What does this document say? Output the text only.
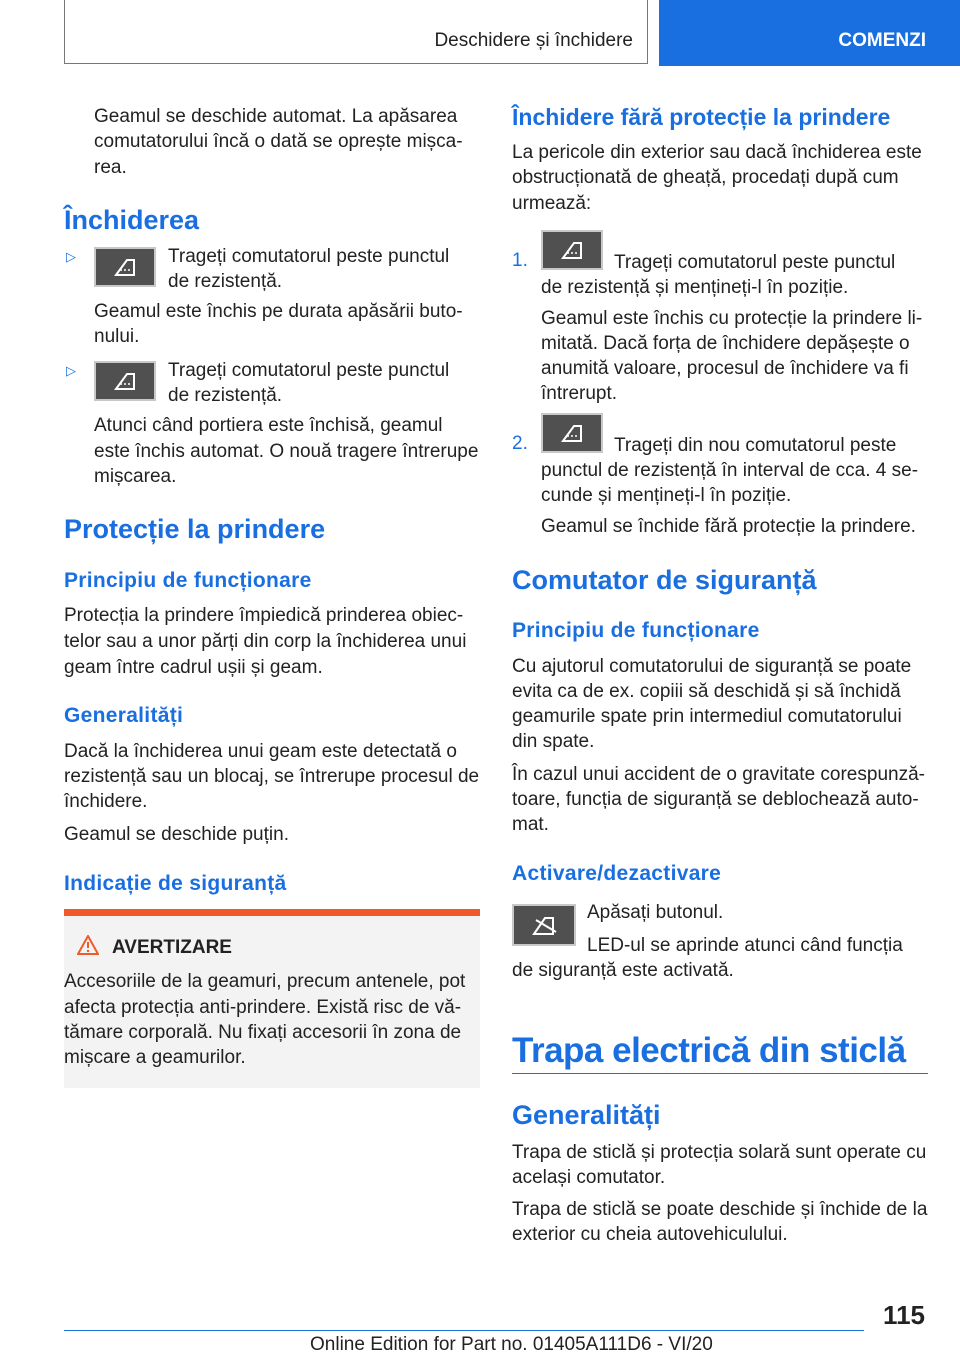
Deschidere și închidere	COMENZI

Geamul se deschide automat. La apăsarea

comutatorului încă o dată se oprește mișca‐

rea.

Închiderea
▷	Trageți comutatorul peste punctul

de rezistență.

Geamul este închis pe durata apăsării buto‐

nului.

▷	Trageți comutatorul peste punctul

de rezistență.

Atunci când portiera este închisă, geamul

este închis automat. O nouă tragere întrerupe

mișcarea.

Protecție la prindere
Principiu de funcționare

Protecția la prindere împiedică prinderea obiec‐

telor sau a unor părți din corp la închiderea unui

geam între cadrul ușii și geam.

Generalități

Dacă la închiderea unui geam este detectată o

rezistență sau un blocaj, se întrerupe procesul de

închidere.

Geamul se deschide puțin.

Indicație de siguranță
AVERTIZARE

Accesoriile de la geamuri, precum antenele, pot

afecta protecția anti-prindere. Există risc de vă‐

tămare corporală. Nu fixați accesorii în zona de

mișcare a geamurilor.

Închidere fără protecție la prindere

La pericole din exterior sau dacă închiderea este

obstrucționată de gheață, procedați după cum

urmează:

1.	Trageți comutatorul peste punctul

de rezistență și mențineți-l în poziție.

Geamul este închis cu protecție la prindere li‐

mitată. Dacă forța de închidere depășește o

anumită valoare, procesul de închidere va fi

întrerupt.

2.	Trageți din nou comutatorul peste

punctul de rezistență în interval de cca. 4 se‐

cunde și mențineți-l în poziție.

Geamul se închide fără protecție la prindere.

Comutator de siguranță
Principiu de funcționare

Cu ajutorul comutatorului de siguranță se poate

evita ca de ex. copiii să deschidă și să închidă

geamurile spate prin intermediul comutatorului

din spate.

În cazul unui accident de o gravitate corespunză‐

toare, funcția de siguranță se deblochează auto‐

mat.

Activare/dezactivare

Apăsați butonul.

LED-ul se aprinde atunci când funcția

de siguranță este activată.

Trapa electrică din sticlă
Generalități

Trapa de sticlă și protecția solară sunt operate cu

același comutator.

Trapa de sticlă se poate deschide și închide de la

exterior cu cheia autovehiculului.

115
Online Edition for Part no. 01405A111D6 - VI/20
